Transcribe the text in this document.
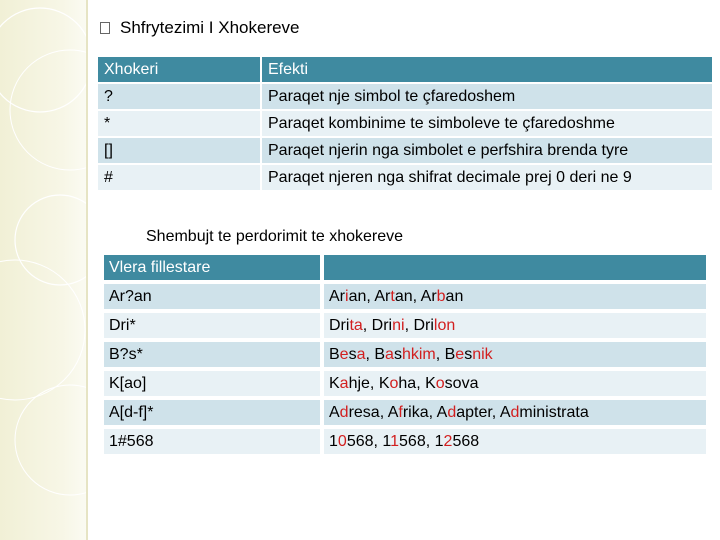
Shfrytezimi I Xhokereve
Xhokeri	Efekti
?	Paraqet nje simbol te çfaredoshem
*	Paraqet kombinime te simboleve te çfaredoshme
[]	Paraqet njerin nga simbolet e perfshira brenda tyre
#	Paraqet njeren nga shifrat decimale prej 0 deri ne 9
Shembujt te perdorimit te xhokereve
Vlera fillestare	
Ar?an	Arian, Artan, Arban
Dri*	Drita, Drini, Drilon
B?s*	Besa, Bashkim, Besnik
K[ao]	Kahje, Koha, Kosova
A[d-f]*	Adresa, Afrika, Adapter, Administrata
1#568	10568, 11568, 12568
